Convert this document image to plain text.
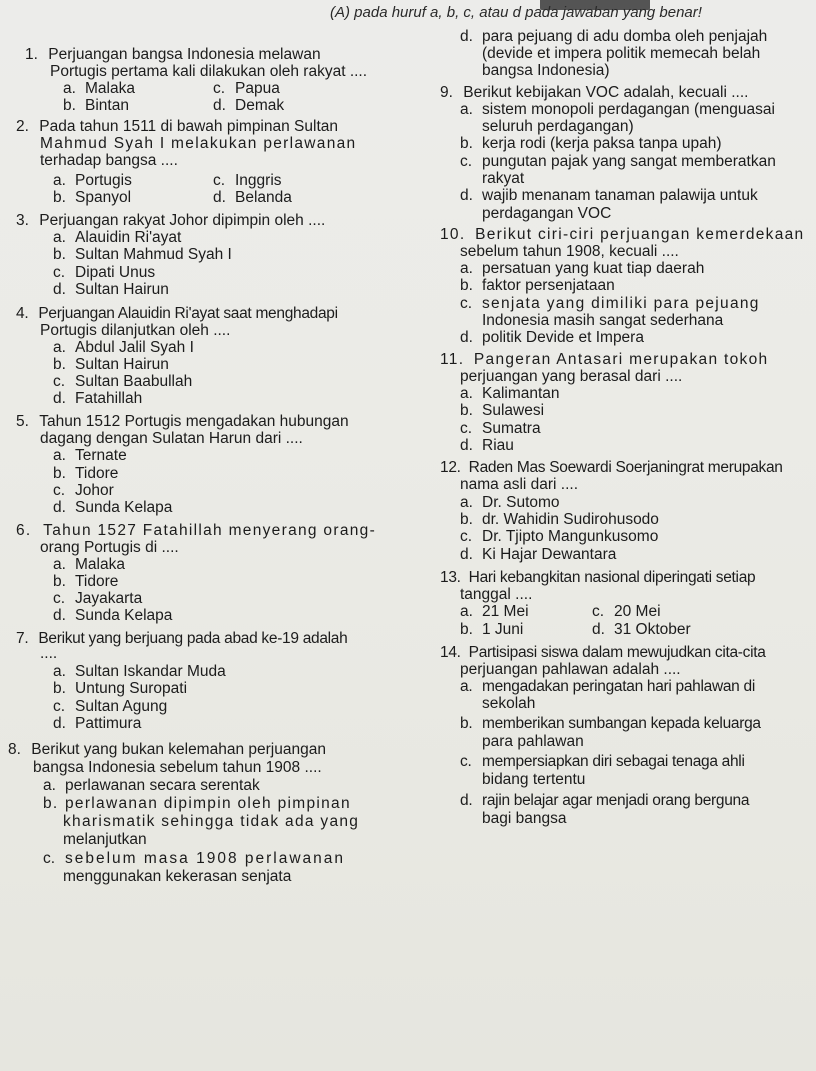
(A) pada huruf a, b, c, atau d pada jawaban yang benar!
1. Perjuangan bangsa Indonesia melawan
Portugis pertama kali dilakukan oleh rakyat ....
a. Malaka
b. Bintan
c. Papua
d. Demak
2. Pada tahun 1511 di bawah pimpinan Sultan
Mahmud Syah I melakukan perlawanan
terhadap bangsa ....
a. Portugis
b. Spanyol
c. Inggris
d. Belanda
3. Perjuangan rakyat Johor dipimpin oleh ....
a. Alauidin Ri'ayat
b. Sultan Mahmud Syah I
c. Dipati Unus
d. Sultan Hairun
4. Perjuangan Alauidin Ri'ayat saat menghadapi
Portugis dilanjutkan oleh ....
a. Abdul Jalil Syah I
b. Sultan Hairun
c. Sultan Baabullah
d. Fatahillah
5. Tahun 1512 Portugis mengadakan hubungan
dagang dengan Sulatan Harun dari ....
a. Ternate
b. Tidore
c. Johor
d. Sunda Kelapa
6. Tahun 1527 Fatahillah menyerang orang-
orang Portugis di ....
a. Malaka
b. Tidore
c. Jayakarta
d. Sunda Kelapa
7. Berikut yang berjuang pada abad ke-19 adalah
....
a. Sultan Iskandar Muda
b. Untung Suropati
c. Sultan Agung
d. Pattimura
8. Berikut yang bukan kelemahan perjuangan
bangsa Indonesia sebelum tahun 1908 ....
a. perlawanan secara serentak
b. perlawanan dipimpin oleh pimpinan
kharismatik sehingga tidak ada yang
melanjutkan
c. sebelum masa 1908 perlawanan
menggunakan kekerasan senjata
d. para pejuang di adu domba oleh penjajah
(devide et impera politik memecah belah
bangsa Indonesia)
9. Berikut kebijakan VOC adalah, kecuali ....
a. sistem monopoli perdagangan (menguasai
seluruh perdagangan)
b. kerja rodi (kerja paksa tanpa upah)
c. pungutan pajak yang sangat memberatkan
rakyat
d. wajib menanam tanaman palawija untuk
perdagangan VOC
10. Berikut ciri-ciri perjuangan kemerdekaan
sebelum tahun 1908, kecuali ....
a. persatuan yang kuat tiap daerah
b. faktor persenjataan
c. senjata yang dimiliki para pejuang
Indonesia masih sangat sederhana
d. politik Devide et Impera
11. Pangeran Antasari merupakan tokoh
perjuangan yang berasal dari ....
a. Kalimantan
b. Sulawesi
c. Sumatra
d. Riau
12. Raden Mas Soewardi Soerjaningrat merupakan
nama asli dari ....
a. Dr. Sutomo
b. dr. Wahidin Sudirohusodo
c. Dr. Tjipto Mangunkusomo
d. Ki Hajar Dewantara
13. Hari kebangkitan nasional diperingati setiap
tanggal ....
a. 21 Mei
b. 1 Juni
c. 20 Mei
d. 31 Oktober
14. Partisipasi siswa dalam mewujudkan cita-cita
perjuangan pahlawan adalah ....
a. mengadakan peringatan hari pahlawan di
sekolah
b. memberikan sumbangan kepada keluarga
para pahlawan
c. mempersiapkan diri sebagai tenaga ahli
bidang tertentu
d. rajin belajar agar menjadi orang berguna
bagi bangsa
